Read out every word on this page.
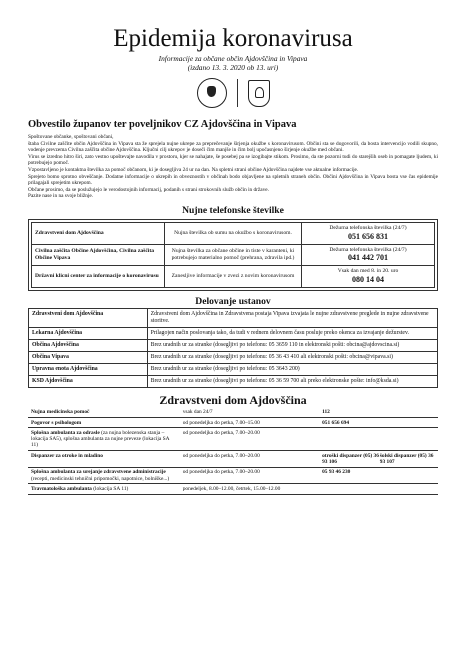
Epidemija koronavirusa
Informacije za občane občin Ajdovščina in Vipava
(izdano 13. 3. 2020 ob 13. uri)
Obvestilo županov ter poveljnikov CZ Ajdovščina in Vipava

Spoštovane občanke, spoštovani občani,

štaba Civilne zaščite občin Ajdovščina in Vipava sta že sprejela nujne ukrepe za preprečevanje širjenja okužbe s koronavirusom. Občini sta se dogovorili, da bosta intervencijo vodili skupno, vodenje prevzema Civilna zaščita občine Ajdovščina. Ključni cilj ukrepov je doseči čim manjše in čim bolj upočasnjeno širjenje okužbe med občani.

Virus se izredno hitro širi, zato vestno upoštevajte navodila v prostoru, kjer se nahajate, še posebej pa se izogibajte stikom. Prosimo, da ste pozorni tudi do starejših oseb in pomagate ljudem, ki potrebujejo pomoč.

Vzpostavljeno je kontaktna številka za pomoč občanom, ki je dosegljiva 24 ur na dan. Na spletni strani občine Ajdovščina najdete vse aktualne informacije.

Sprejeto bomo sprotno obveščanje. Dodatne informacije o ukrepih in obveznostih v občinah bodo objavljene na spletnih straneh občin. Občini Ajdovščina in Vipava bosta vse čas epidemije prilagajali sprejetim ukrepom.

Občane prosimo, da se poslužujejo le verodostojnih informacij, podanih s strani strokovnih služb občin in države.

Pazite nase in na svoje bližnje.

Nujne telefonske številke
Zdravstveni dom Ajdovščina	Nujna številka ob sumu na okužbo s koronavirusom.	Dežurna telefonska številka (24/7)
051 656 831

Civilna zaščita Občine Ajdovščina, Civilna zaščita Občine Vipava	Nujna številka za občane občine in tiste v karanteni, ki potrebujejo materialno pomoč (prehrana, zdravila ipd.)	Dežurna telefonska številka (24/7)
041 442 701

Državni klicni center za informacije o koronavirusu	Zanesljive informacije v zvezi z novim koronavirusom	Vsak dan med 8. in 20. uro
080 14 04
Delovanje ustanov
Zdravstveni dom Ajdovščina	Zdravstveni dom Ajdovščina in Zdravstvena postaja Vipava izvajata le nujne zdravstvene preglede in nujne zdravstvene storitve.
Lekarna Ajdovščina	Prilagojen način poslovanja tako, da tudi v rednem delovnem času posluje preko okenca za izvajanje dežurstev.
Občina Ajdovščina	Brez uradnih ur za stranke (dosegljivi po telefonu: 05 3659 110 in elektronski pošti: obcina@ajdovscina.si)
Občina Vipava	Brez uradnih ur za stranke (dosegljivi po telefonu: 05 36 43 410 ali elektronski pošti: obcina@vipava.si)
Upravna enota Ajdovščina	Brez uradnih ur za stranke (dosegljivi po telefonu: 05 3643 200)
KSD Ajdovščina	Brez uradnih ur za stranke (dosegljivi po telefonu: 05 36 59 700 ali preko elektronske pošte: info@ksda.si)
Zdravstveni dom Ajdovščina
Nujna medicinska pomoč	vsak dan 24/7	112
Pogovor s psihologom	od ponedeljka do petka, 7.00–15.00	051 656 694
Splošna ambulanta za odrasle (za nujna bolezenska stanja – lokacija SA5), splošna ambulanta za nujne preveze (lokacija SA 11)	od ponedeljka do petka, 7.00–20.00	
Dispanzer za otroke in mladino	od ponedeljka do petka, 7.00–20.00	otroški dispanzer (05) 36 93 106
šolski dispanzer (05) 36 93 107

Splošna ambulanta za urejanje zdravstvene administracije (recepti, medicinski tehnični pripomočki, napotnice, bolniške...)	od ponedeljka do petka, 7.00–20.00	05 93 46 230
Travmatološka ambulanta (lokacija SA 11)	ponedeljek, 8.00–12.00, četrtek, 15.00–12.00	
